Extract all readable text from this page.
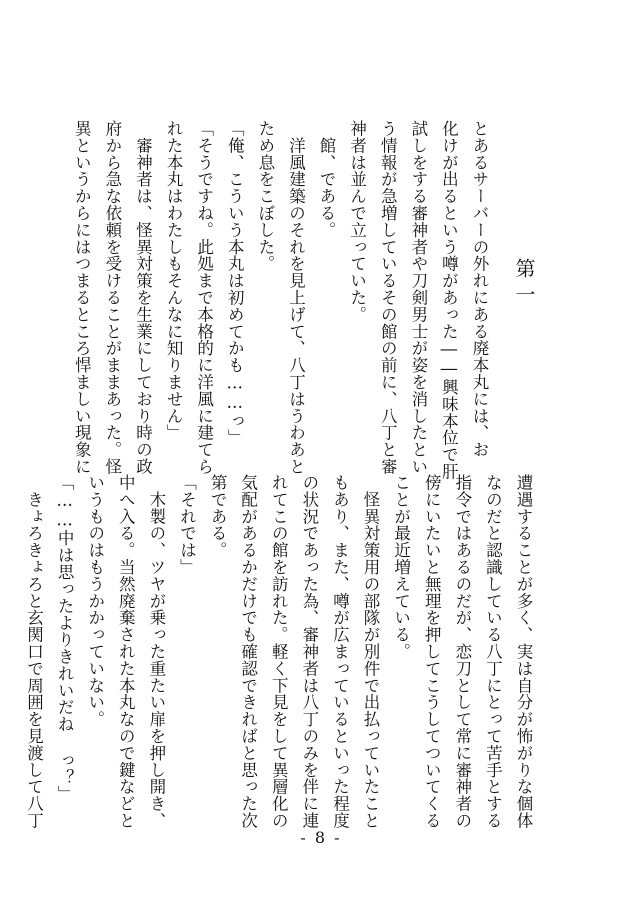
第一
とあるサーバーの外れにある廃本丸には、お
化けが出るという噂があった――興味本位で肝
試しをする審神者や刀剣男士が姿を消したとい
う情報が急増しているその館の前に、八丁と審
神者は並んで立っていた。
　館、である。
　洋風建築のそれを見上げて、八丁はうわあと
ため息をこぼした。
「俺、こういう本丸は初めてかも……っ」
「そうですね。此処まで本格的に洋風に建てら
れた本丸はわたしもそんなに知りません」
　審神者は、怪異対策を生業にしており時の政
府から急な依頼を受けることがままあった。怪
異というからにはつまるところ悍ましい現象に
遭遇することが多く、実は自分が怖がりな個体
なのだと認識している八丁にとって苦手とする
指令ではあるのだが、恋刀として常に審神者の
傍にいたいと無理を押してこうしてついてくる
ことが最近増えている。
　怪異対策用の部隊が別件で出払っていたこと
もあり、また、噂が広まっているといった程度
の状況であった為、審神者は八丁のみを伴に連
れてこの館を訪れた。軽く下見をして異層化の
気配があるかだけでも確認できればと思った次
第である。
「それでは」
　木製の、ツヤが乗った重たい扉を押し開き、
中へ入る。当然廃棄された本丸なので鍵などと
いうものはもうかかっていない。
「……中は思ったよりきれいだね っ？」
　きょろきょろと玄関口で周囲を見渡して八丁
- 8 -
